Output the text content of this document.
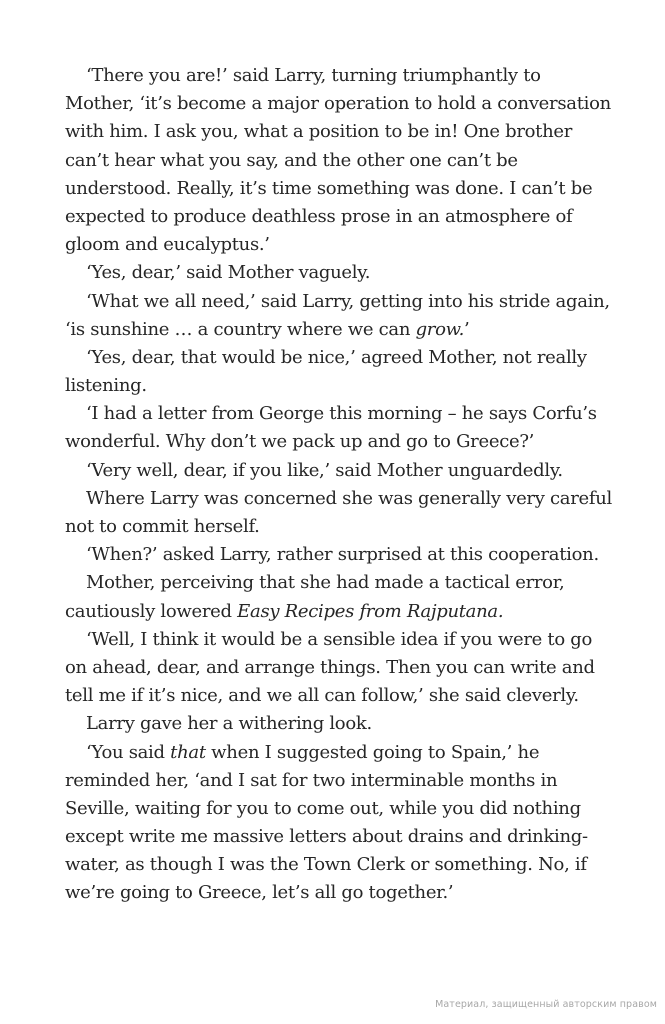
‘There you are!’ said Larry, turning triumphantly to
Mother, ‘it’s become a major operation to hold a conversation
with him. I ask you, what a position to be in! One brother
can’t hear what you say, and the other one can’t be
understood. Really, it’s time something was done. I can’t be
expected to produce deathless prose in an atmosphere of
gloom and eucalyptus.’
‘Yes, dear,’ said Mother vaguely.
‘What we all need,’ said Larry, getting into his stride again,
‘is sunshine … a country where we can grow.’
‘Yes, dear, that would be nice,’ agreed Mother, not really
listening.
‘I had a letter from George this morning – he says Corfu’s
wonderful. Why don’t we pack up and go to Greece?’
‘Very well, dear, if you like,’ said Mother unguardedly.
Where Larry was concerned she was generally very careful
not to commit herself.
‘When?’ asked Larry, rather surprised at this cooperation.
Mother, perceiving that she had made a tactical error,
cautiously lowered Easy Recipes from Rajputana.
‘Well, I think it would be a sensible idea if you were to go
on ahead, dear, and arrange things. Then you can write and
tell me if it’s nice, and we all can follow,’ she said cleverly.
Larry gave her a withering look.
‘You said that when I suggested going to Spain,’ he
reminded her, ‘and I sat for two interminable months in
Seville, waiting for you to come out, while you did nothing
except write me massive letters about drains and drinking-
water, as though I was the Town Clerk or something. No, if
we’re going to Greece, let’s all go together.’
Материал, защищенный авторским правом
